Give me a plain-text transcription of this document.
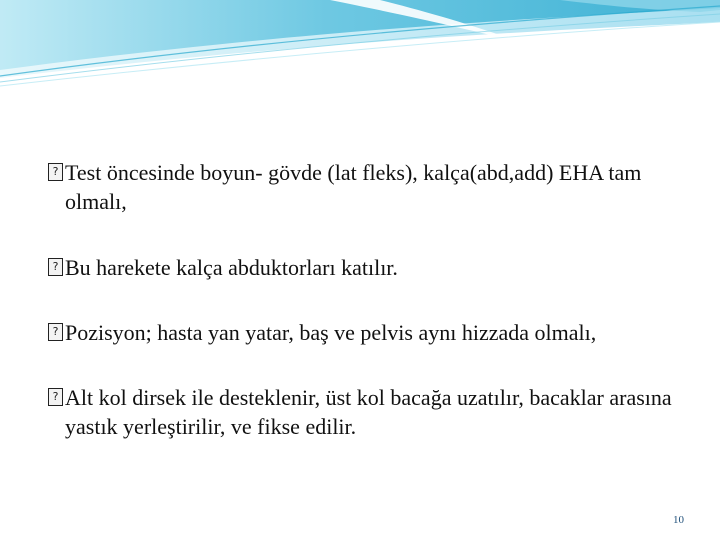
? Test öncesinde boyun- gövde (lat fleks), kalça(abd,add) EHA tam olmalı,
? Bu harekete kalça abduktorları katılır.
? Pozisyon; hasta yan yatar, baş ve pelvis aynı hizzada olmalı,
? Alt kol dirsek ile desteklenir, üst kol bacağa uzatılır, bacaklar arasına yastık yerleştirilir, ve fikse edilir.
10
